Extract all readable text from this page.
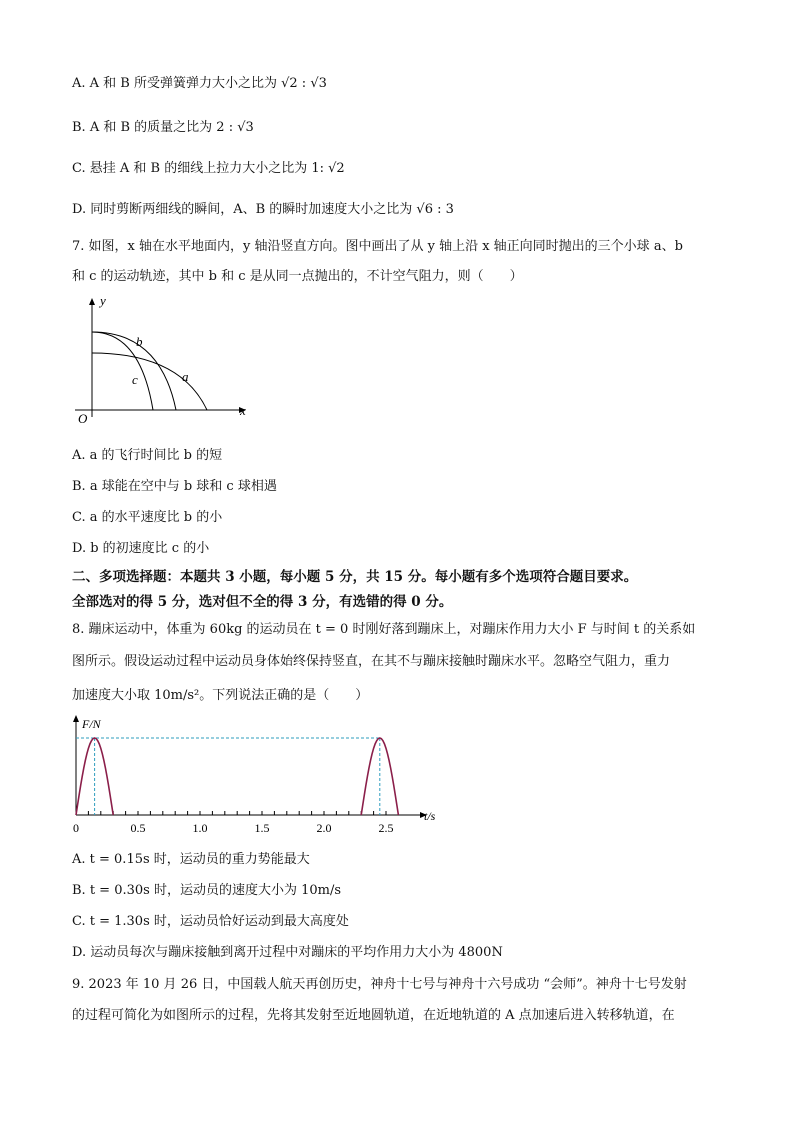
A. A 和 B 所受弹簧弹力大小之比为 √2 : √3
B. A 和 B 的质量之比为 2 : √3
C. 悬挂 A 和 B 的细线上拉力大小之比为 1: √2
D. 同时剪断两细线的瞬间，A、B 的瞬时加速度大小之比为 √6 : 3
7. 如图，x 轴在水平地面内，y 轴沿竖直方向。图中画出了从 y 轴上沿 x 轴正向同时抛出的三个小球 a、b
和 c 的运动轨迹，其中 b 和 c 是从同一点抛出的，不计空气阻力，则（　　）
y
x
O
a
b
c
A. a 的飞行时间比 b 的短
B. a 球能在空中与 b 球和 c 球相遇
C. a 的水平速度比 b 的小
D. b 的初速度比 c 的小
二、多项选择题：本题共 3 小题，每小题 5 分，共 15 分。每小题有多个选项符合题目要求。
全部选对的得 5 分，选对但不全的得 3 分，有选错的得 0 分。
8. 蹦床运动中，体重为 60kg 的运动员在 t = 0 时刚好落到蹦床上，对蹦床作用力大小 F 与时间 t 的关系如
图所示。假设运动过程中运动员身体始终保持竖直，在其不与蹦床接触时蹦床水平。忽略空气阻力，重力
加速度大小取 10m/s²。下列说法正确的是（　　）
F/N
t/s
0	0.5	1.0	1.5	2.0	2.5
A. t = 0.15s 时，运动员的重力势能最大
B. t = 0.30s 时，运动员的速度大小为 10m/s
C. t = 1.30s 时，运动员恰好运动到最大高度处
D. 运动员每次与蹦床接触到离开过程中对蹦床的平均作用力大小为 4800N
9. 2023 年 10 月 26 日，中国载人航天再创历史，神舟十七号与神舟十六号成功 “会师”。神舟十七号发射
的过程可简化为如图所示的过程，先将其发射至近地圆轨道，在近地轨道的 A 点加速后进入转移轨道，在
